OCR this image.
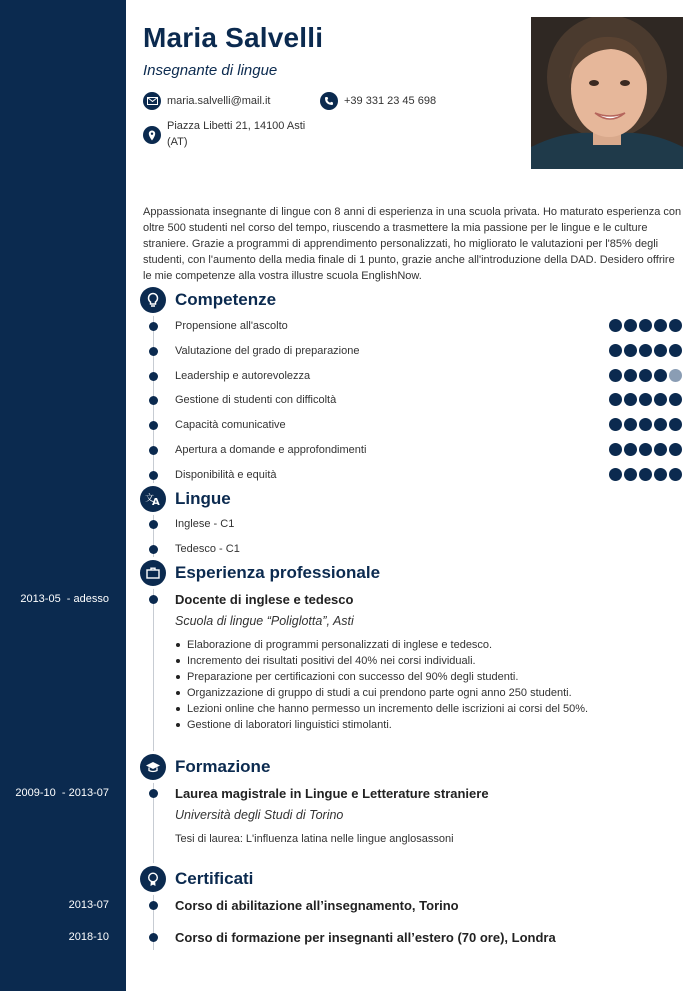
2013-05  - adesso
2009-10  - 2013-07
2013-07
2018-10
Maria Salvelli
Insegnante di lingue
maria.salvelli@mail.it	+39 331 23 45 698
Piazza Libetti 21, 14100 Asti
(AT)
Appassionata insegnante di lingue con 8 anni di esperienza in una scuola privata. Ho maturato esperienza con oltre 500 studenti nel corso del tempo, riuscendo a trasmettere la mia passione per le lingue e le culture straniere. Grazie a programmi di apprendimento personalizzati, ho migliorato le valutazioni per l'85% degli studenti, con l'aumento della media finale di 1 punto, grazie anche all'introduzione della DAD. Desidero offrire le mie competenze alla vostra illustre scuola EnglishNow.
Competenze
Propensione all'ascolto
Valutazione del grado di preparazione
Leadership e autorevolezza
Gestione di studenti con difficoltà
Capacità comunicative
Apertura a domande e approfondimenti
Disponibilità e equità
文
A Lingue
Inglese - C1
Tedesco - C1
Esperienza professionale
Docente di inglese e tedesco
Scuola di lingue “Poliglotta”, Asti
Elaborazione di programmi personalizzati di inglese e tedesco.
Incremento dei risultati positivi del 40% nei corsi individuali.
Preparazione per certificazioni con successo del 90% degli studenti.
Organizzazione di gruppo di studi a cui prendono parte ogni anno 250 studenti.
Lezioni online che hanno permesso un incremento delle iscrizioni ai corsi del 50%.
Gestione di laboratori linguistici stimolanti.
Formazione
Laurea magistrale in Lingue e Letterature straniere
Università degli Studi di Torino
Tesi di laurea: L'influenza latina nelle lingue anglosassoni
Certificati
Corso di abilitazione all’insegnamento, Torino
Corso di formazione per insegnanti all’estero (70 ore), Londra
